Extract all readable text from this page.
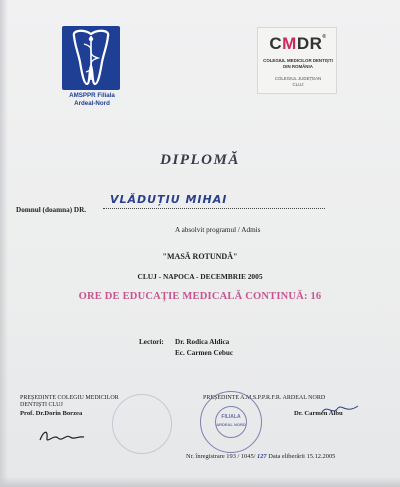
AMSPPR Filiala
Ardeal-Nord
CMDR®
COLEGIUL MEDICILOR DENTIȘTI
DIN ROMÂNIA
COLEGIUL JUDEȚEAN
CLUJ
DIPLOMĂ
Domnul (doamna) DR.
VLĂDUȚIU MIHAI
A absolvit programul / Admis
"MASĂ ROTUNDĂ"
CLUJ - NAPOCA - DECEMBRIE 2005
ORE DE EDUCAȚIE MEDICALĂ CONTINUĂ: 16
Lectori: Dr. Rodica Aldica
Ec. Carmen Cebuc
PREȘEDINTE COLEGIU MEDICILOR
DENTIȘTI CLUJ
Prof. Dr.Dorin Borzea
PREȘEDINTE A.M.S.P.P.R.F.R. ARDEAL NORD
Dr. Carmen Albu
FILIALA
ARDEAL NORD
Nr. înregistrare 193 / 1045/ 127 Data eliberării 15.12.2005
